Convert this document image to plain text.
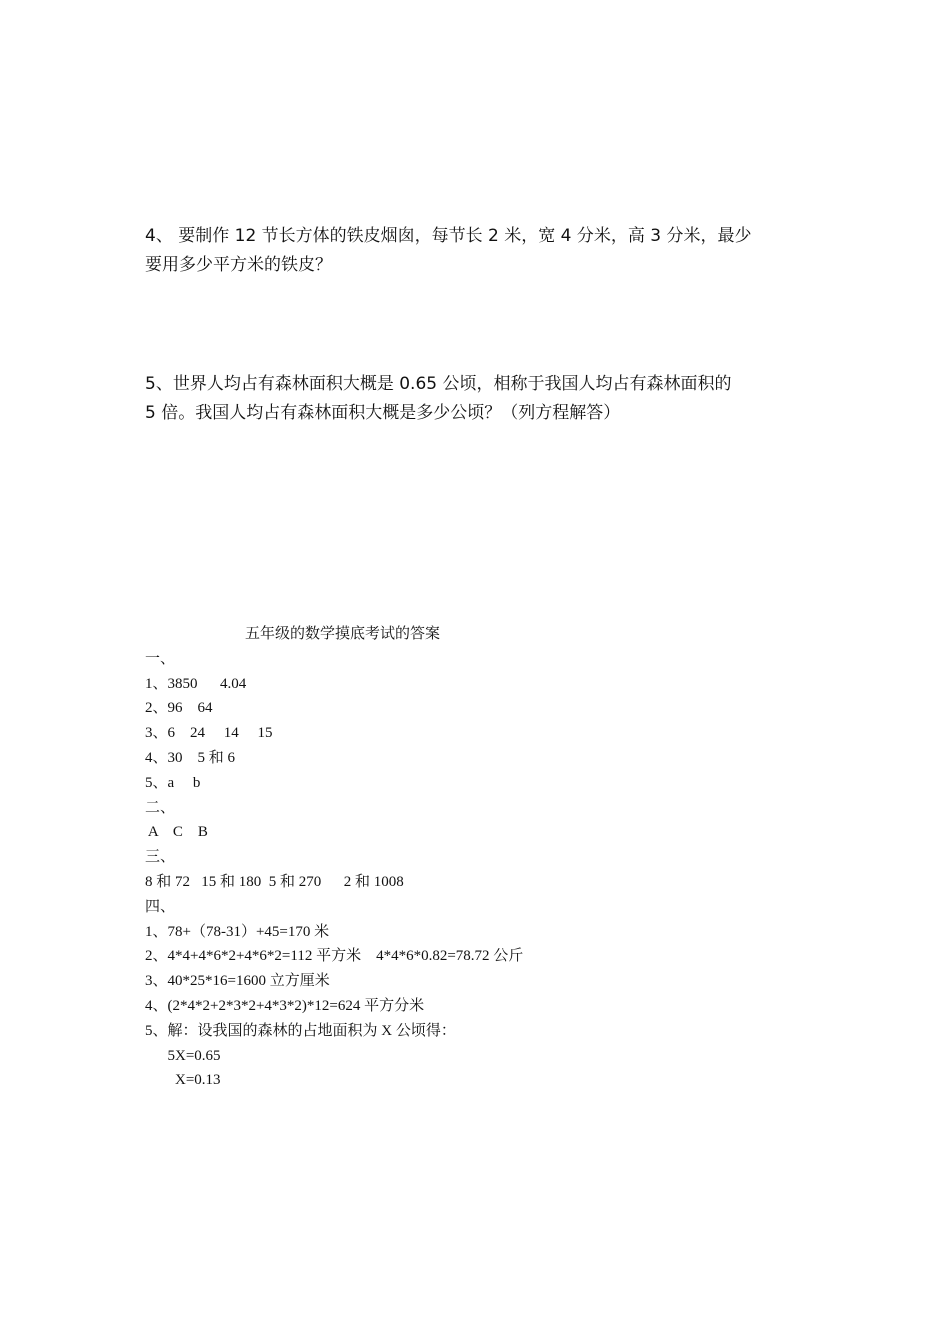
4、 要制作 12 节长方体的铁皮烟囱，每节长 2 米，宽 4 分米，高 3 分米，最少

要用多少平方米的铁皮？

5、世界人均占有森林面积大概是 0.65 公顷，相称于我国人均占有森林面积的

5 倍。我国人均占有森林面积大概是多少公顷？（列方程解答）

五年级的数学摸底考试的答案
一、
1、3850      4.04
2、96    64
3、6    24     14     15
4、30    5 和 6
5、a     b
二、
A    C    B
三、
8 和 72   15 和 180  5 和 270      2 和 1008
四、
1、78+（78-31）+45=170 米
2、4*4+4*6*2+4*6*2=112 平方米    4*4*6*0.82=78.72 公斤
3、40*25*16=1600 立方厘米
4、(2*4*2+2*3*2+4*3*2)*12=624 平方分米
5、解：设我国的森林的占地面积为 X 公顷得：
5X=0.65
X=0.13
